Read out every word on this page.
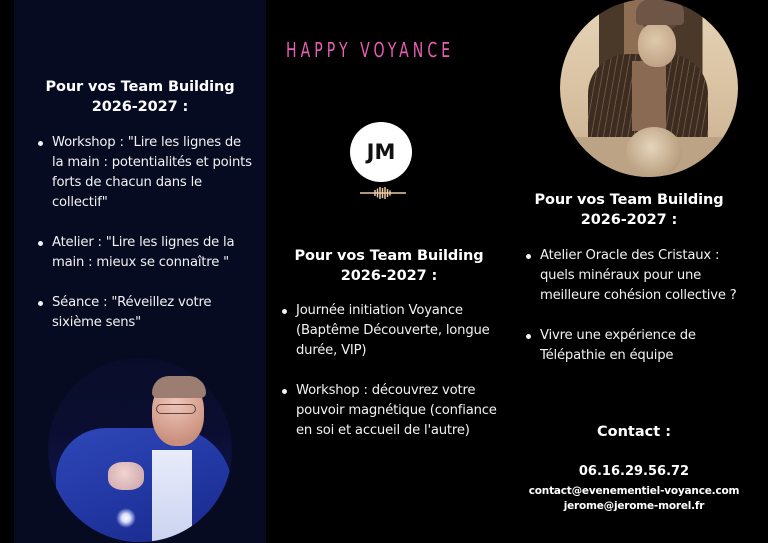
Pour vos Team Building
2026-2027 :
Workshop : "Lire les lignes de la main : potentialités et points forts de chacun dans le collectif"
Atelier : "Lire les lignes de la main : mieux se connaître "
Séance : "Réveillez votre sixième sens"
HAPPY VOYANCE
JM
Pour vos Team Building
2026-2027 :
Journée initiation Voyance (Baptême Découverte, longue durée, VIP)
Workshop : découvrez votre pouvoir magnétique (confiance en soi et accueil de l'autre)
Pour vos Team Building
2026-2027 :
Atelier Oracle des Cristaux : quels minéraux pour une meilleure cohésion collective ?
Vivre une expérience de Télépathie en équipe
Contact :
06.16.29.56.72
contact@evenementiel-voyance.com
jerome@jerome-morel.fr
